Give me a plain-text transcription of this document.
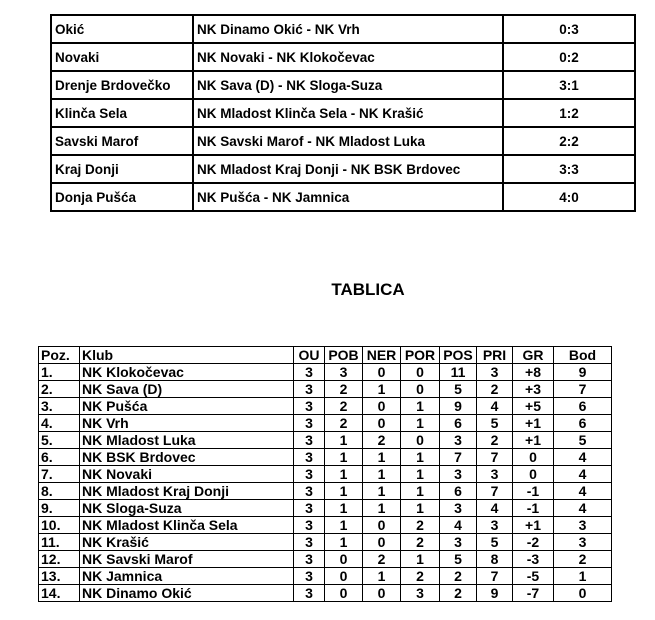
Okić	NK Dinamo Okić - NK Vrh	0:3
Novaki	NK Novaki - NK Klokočevac	0:2
Drenje Brdovečko	NK Sava (D) - NK Sloga-Suza	3:1
Klinča Sela	NK Mladost Klinča Sela - NK Krašić	1:2
Savski Marof	NK Savski Marof - NK Mladost Luka	2:2
Kraj Donji	NK Mladost Kraj Donji - NK BSK Brdovec	3:3
Donja Pušća	NK Pušća - NK Jamnica	4:0
TABLICA
Poz.	Klub	OU	POB	NER	POR	POS	PRI	GR	Bod
1.	NK Klokočevac	3	3	0	0	11	3	+8	9
2.	NK Sava (D)	3	2	1	0	5	2	+3	7
3.	NK Pušća	3	2	0	1	9	4	+5	6
4.	NK Vrh	3	2	0	1	6	5	+1	6
5.	NK Mladost Luka	3	1	2	0	3	2	+1	5
6.	NK BSK Brdovec	3	1	1	1	7	7	0	4
7.	NK Novaki	3	1	1	1	3	3	0	4
8.	NK Mladost Kraj Donji	3	1	1	1	6	7	-1	4
9.	NK Sloga-Suza	3	1	1	1	3	4	-1	4
10.	NK Mladost Klinča Sela	3	1	0	2	4	3	+1	3
11.	NK Krašić	3	1	0	2	3	5	-2	3
12.	NK Savski Marof	3	0	2	1	5	8	-3	2
13.	NK Jamnica	3	0	1	2	2	7	-5	1
14.	NK Dinamo Okić	3	0	0	3	2	9	-7	0
